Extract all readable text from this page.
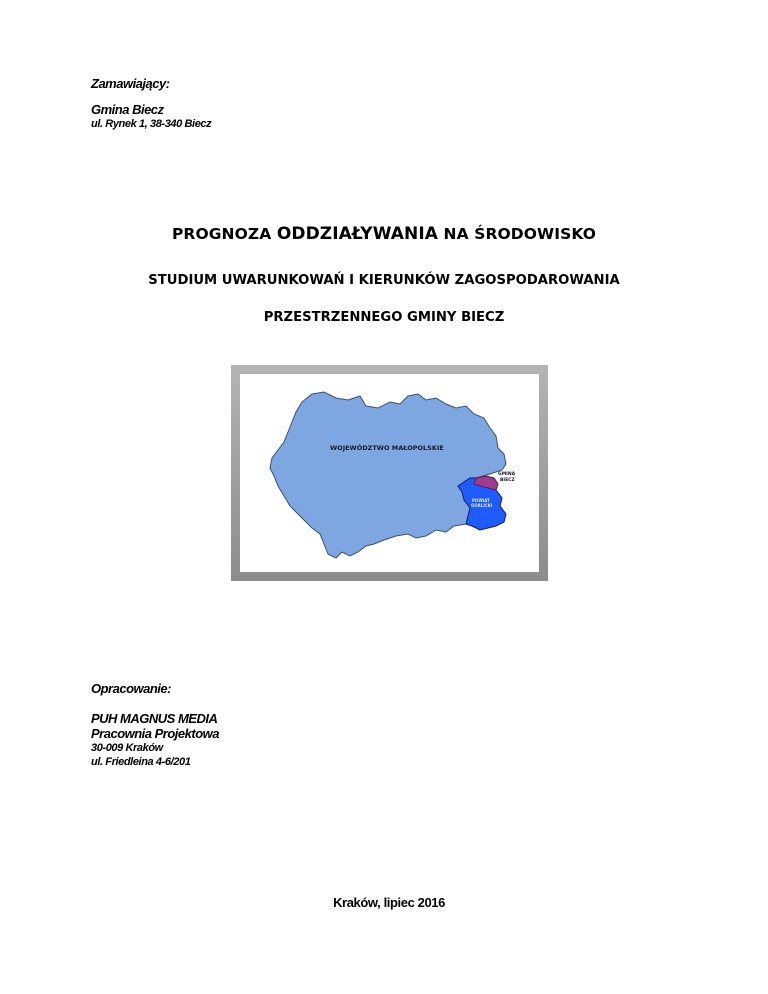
Zamawiający:
Gmina Biecz
ul. Rynek 1, 38-340 Biecz
PROGNOZA ODDZIAŁYWANIA NA ŚRODOWISKO
STUDIUM UWARUNKOWAŃ I KIERUNKÓW ZAGOSPODAROWANIA
PRZESTRZENNEGO GMINY BIECZ
WOJEWÓDZTWO MAŁOPOLSKIE
GMINA
BIECZ
POWIAT
GORLICKI
Opracowanie:
PUH MAGNUS MEDIA
Pracownia Projektowa
30-009 Kraków
ul. Friedleina 4-6/201
Kraków, lipiec 2016
